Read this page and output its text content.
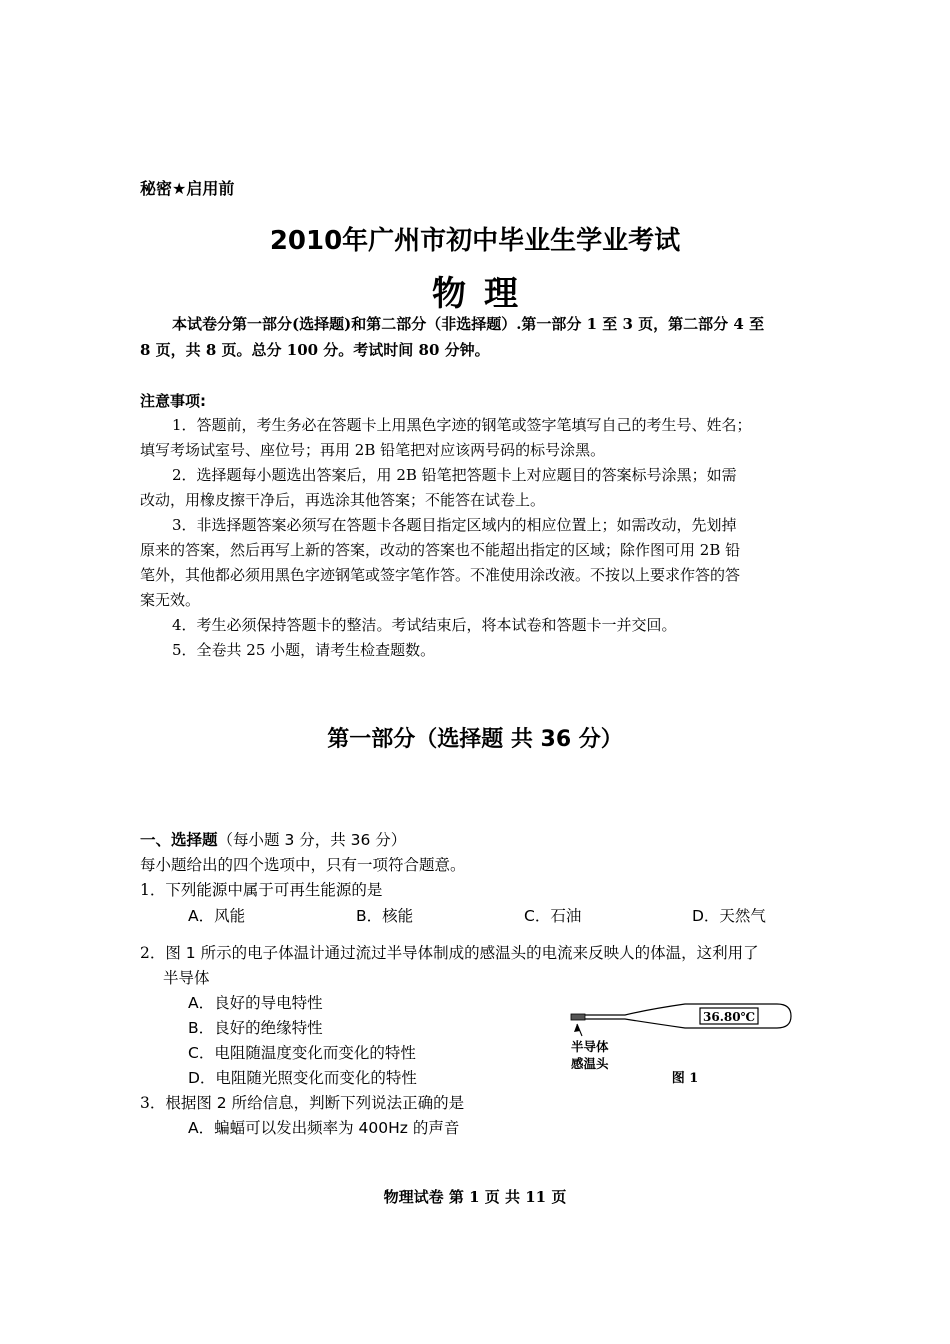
秘密★启用前
2010年广州市初中毕业生学业考试
物理
本试卷分第一部分(选择题)和第二部分（非选择题）.第一部分 1 至 3 页，第二部分 4 至
8 页，共 8 页。总分 100 分。考试时间 80 分钟。
注意事项:
1．答题前，考生务必在答题卡上用黑色字迹的钢笔或签字笔填写自己的考生号、姓名；
填写考场试室号、座位号；再用 2B 铅笔把对应该两号码的标号涂黑。
2．选择题每小题选出答案后，用 2B 铅笔把答题卡上对应题目的答案标号涂黑；如需
改动，用橡皮擦干净后，再选涂其他答案；不能答在试卷上。
3．非选择题答案必须写在答题卡各题目指定区域内的相应位置上；如需改动，先划掉
原来的答案，然后再写上新的答案，改动的答案也不能超出指定的区域；除作图可用 2B 铅
笔外，其他都必须用黑色字迹钢笔或签字笔作答。不准使用涂改液。不按以上要求作答的答
案无效。
4．考生必须保持答题卡的整洁。考试结束后，将本试卷和答题卡一并交回。
5．全卷共 25 小题，请考生检查题数。
第一部分（选择题 共 36 分）
一、选择题（每小题 3 分，共 36 分）
每小题给出的四个选项中，只有一项符合题意。
1．下列能源中属于可再生能源的是
A．风能	B．核能	C．石油	D．天然气
2．图 1 所示的电子体温计通过流过半导体制成的感温头的电流来反映人的体温，这利用了
半导体
A．良好的导电特性
B．良好的绝缘特性
C．电阻随温度变化而变化的特性
D．电阻随光照变化而变化的特性
36.80℃
半导体
感温头
图 1
3．根据图 2 所给信息，判断下列说法正确的是
A．蝙蝠可以发出频率为 400Hz 的声音
物理试卷 第 1 页 共 11 页
